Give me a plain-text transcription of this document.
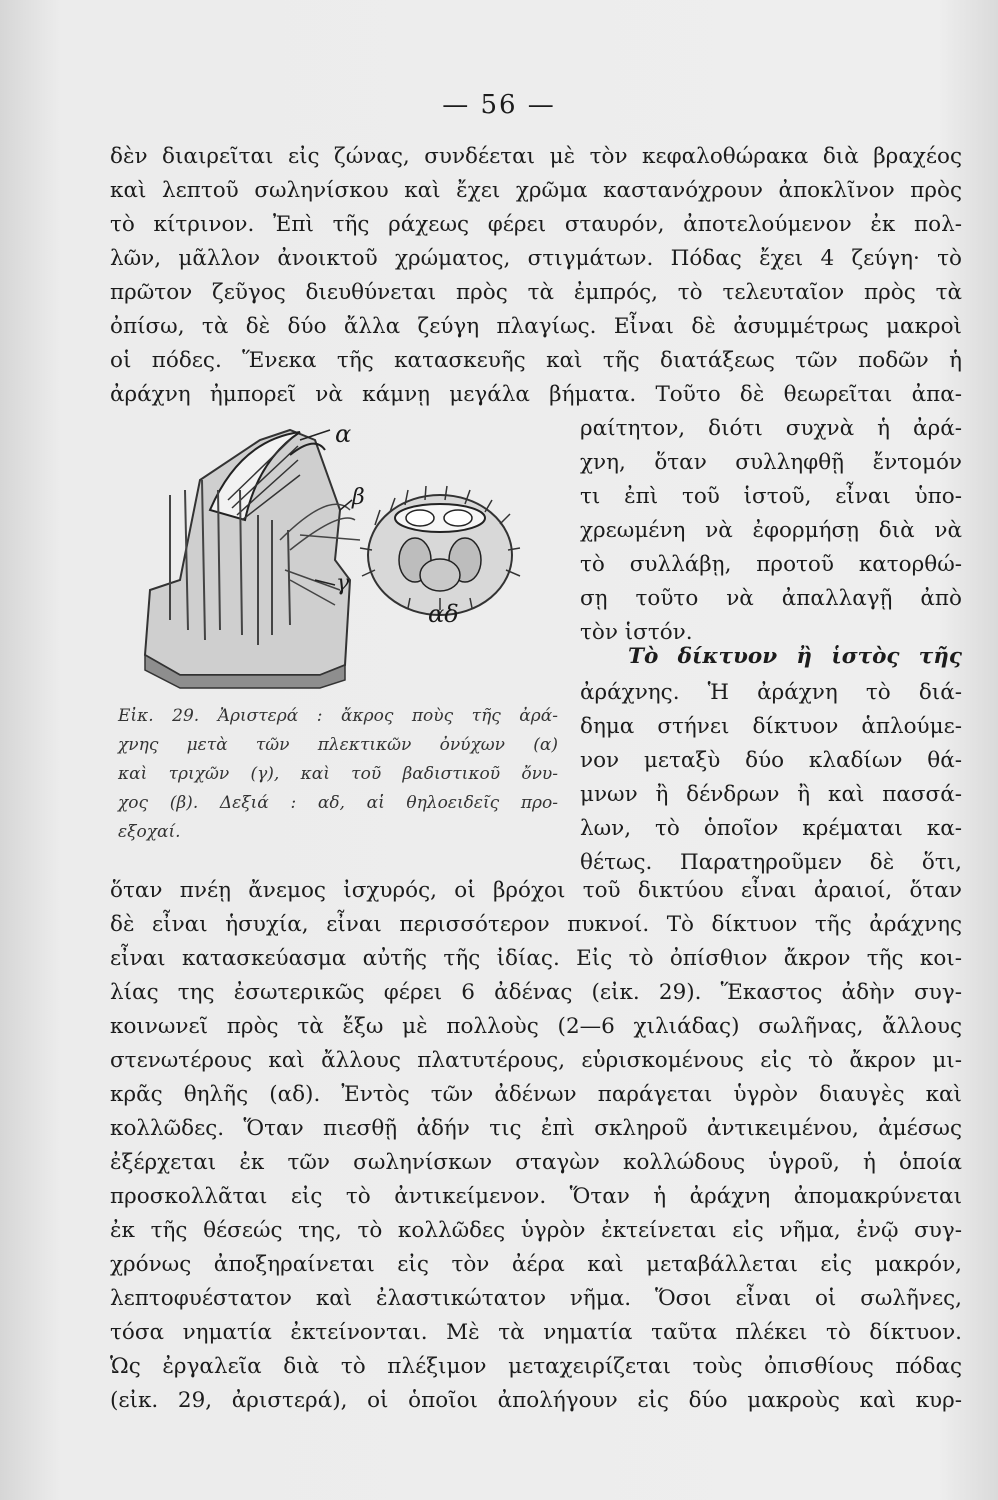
— 56 —
δὲν διαιρεῖται εἰς ζώνας, συνδέεται μὲ τὸν κεφαλοθώρακα διὰ βραχέος
καὶ λεπτοῦ σωληνίσκου καὶ ἔχει χρῶμα καστανόχρουν ἀποκλῖνον πρὸς
τὸ κίτρινον. Ἐπὶ τῆς ράχεως φέρει σταυρόν, ἀποτελούμενον ἐκ πολ-
λῶν, μᾶλλον ἀνοικτοῦ χρώματος, στιγμάτων. Πόδας ἔχει 4 ζεύγη· τὸ
πρῶτον ζεῦγος διευθύνεται πρὸς τὰ ἐμπρός, τὸ τελευταῖον πρὸς τὰ
ὀπίσω, τὰ δὲ δύο ἄλλα ζεύγη πλαγίως. Εἶναι δὲ ἀσυμμέτρως μακροὶ
οἱ πόδες. Ἕνεκα τῆς κατασκευῆς καὶ τῆς διατάξεως τῶν ποδῶν ἡ
ἀράχνη ἠμπορεῖ νὰ κάμνῃ μεγάλα βήματα. Τοῦτο δὲ θεωρεῖται ἀπα-
ραίτητον, διότι συχνὰ ἡ ἀρά-
χνη, ὅταν συλληφθῇ ἔντομόν
τι ἐπὶ τοῦ ἱστοῦ, εἶναι ὑπο-
χρεωμένη νὰ ἐφορμήσῃ διὰ νὰ
τὸ συλλάβῃ, προτοῦ κατορθώ-
σῃ τοῦτο νὰ ἀπαλλαγῇ ἀπὸ
τὸν ἱστόν.
Τὸ δίκτυον ἢ ἱστὸς τῆς
ἀράχνης. Ἡ ἀράχνη τὸ διά-
δημα στήνει δίκτυον ἁπλούμε-
νον μεταξὺ δύο κλαδίων θά-
μνων ἢ δένδρων ἢ καὶ πασσά-
λων, τὸ ὁποῖον κρέμαται κα-
θέτως. Παρατηροῦμεν δὲ ὅτι,
α
β
γ
αδ
Εἰκ. 29. Ἀριστερά : ἄκρος ποὺς τῆς ἀρά-
χνης μετὰ τῶν πλεκτικῶν ὀνύχων (α)
καὶ τριχῶν (γ), καὶ τοῦ βαδιστικοῦ ὄνυ-
χος (β). Δεξιά : αδ, αἱ θηλοειδεῖς προ-
εξοχαί.
ὅταν πνέῃ ἄνεμος ἰσχυρός, οἱ βρόχοι τοῦ δικτύου εἶναι ἀραιοί, ὅταν
δὲ εἶναι ἡσυχία, εἶναι περισσότερον πυκνοί. Τὸ δίκτυον τῆς ἀράχνης
εἶναι κατασκεύασμα αὐτῆς τῆς ἰδίας. Εἰς τὸ ὀπίσθιον ἄκρον τῆς κοι-
λίας της ἐσωτερικῶς φέρει 6 ἀδένας (εἰκ. 29). Ἕκαστος ἀδὴν συγ-
κοινωνεῖ πρὸς τὰ ἔξω μὲ πολλοὺς (2—6 χιλιάδας) σωλῆνας, ἄλλους
στενωτέρους καὶ ἄλλους πλατυτέρους, εὑρισκομένους εἰς τὸ ἄκρον μι-
κρᾶς θηλῆς (αδ). Ἐντὸς τῶν ἀδένων παράγεται ὑγρὸν διαυγὲς καὶ
κολλῶδες. Ὅταν πιεσθῇ ἀδήν τις ἐπὶ σκληροῦ ἀντικειμένου, ἀμέσως
ἐξέρχεται ἐκ τῶν σωληνίσκων σταγὼν κολλώδους ὑγροῦ, ἡ ὁποία
προσκολλᾶται εἰς τὸ ἀντικείμενον. Ὅταν ἡ ἀράχνη ἀπομακρύνεται
ἐκ τῆς θέσεώς της, τὸ κολλῶδες ὑγρὸν ἐκτείνεται εἰς νῆμα, ἐνῷ συγ-
χρόνως ἀποξηραίνεται εἰς τὸν ἀέρα καὶ μεταβάλλεται εἰς μακρόν,
λεπτοφυέστατον καὶ ἐλαστικώτατον νῆμα. Ὅσοι εἶναι οἱ σωλῆνες,
τόσα νηματία ἐκτείνονται. Μὲ τὰ νηματία ταῦτα πλέκει τὸ δίκτυον.
Ὡς ἐργαλεῖα διὰ τὸ πλέξιμον μεταχειρίζεται τοὺς ὀπισθίους πόδας
(εἰκ. 29, ἀριστερά), οἱ ὁποῖοι ἀπολήγουν εἰς δύο μακροὺς καὶ κυρ-
